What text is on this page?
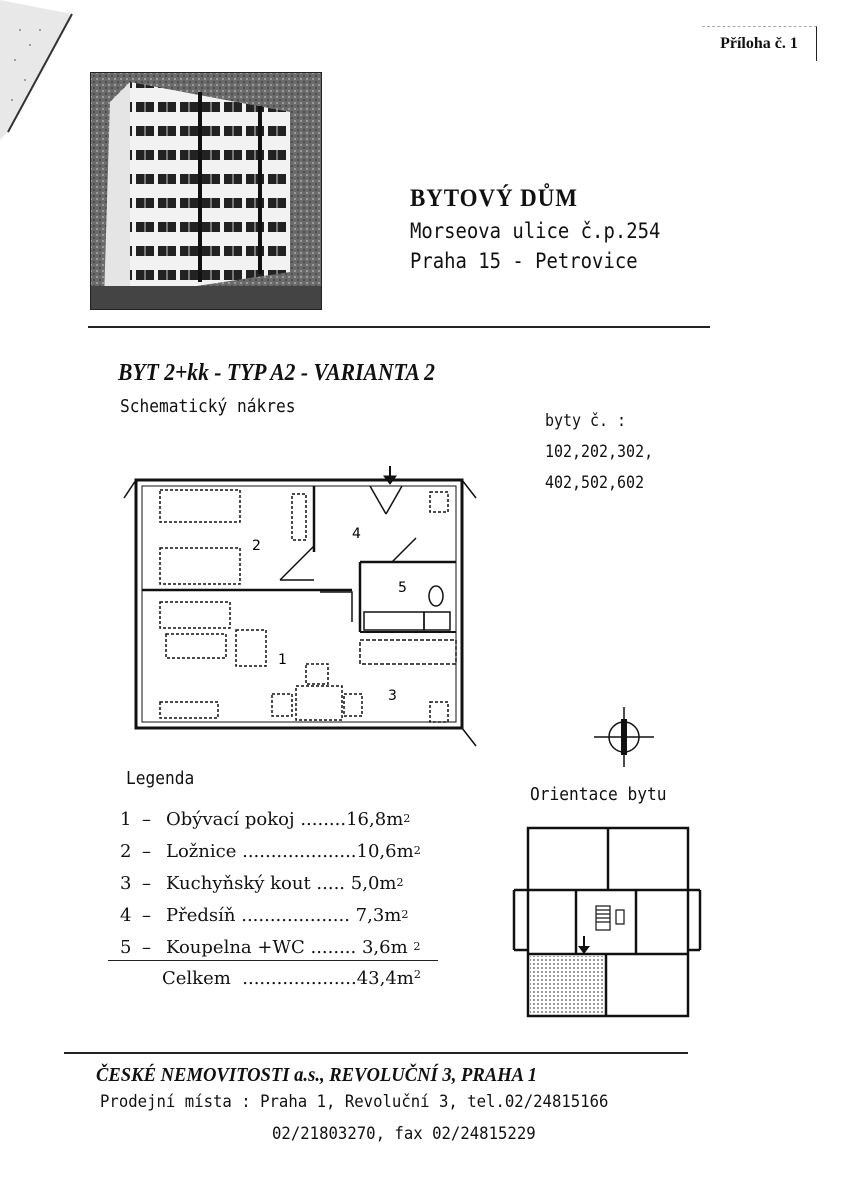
Příloha č. 1
BYTOVÝ DŮM
Morseova ulice č.p.254
Praha 15 - Petrovice
BYT 2+kk - TYP A2 - VARIANTA 2
Schematický nákres
byty č. :
102,202,302,
402,502,602
2
4
5
1
3
Legenda
1 – Obývací pokoj
........ 16,8m 2
2 – Ložnice
.................... 10,6m 2
3 – Kuchyňský kout
.....
5,0m 2
4 – Předsíň
...................
7,3m 2
5 – Koupelna +WC
........
3,6m
2
Celkem $....................43,4m^2$
Orientace bytu
ČESKÉ NEMOVITOSTI a.s., REVOLUČNÍ 3, PRAHA 1
Prodejní místa : Praha 1, Revoluční 3, tel.02/24815166
02/21803270, fax 02/24815229
